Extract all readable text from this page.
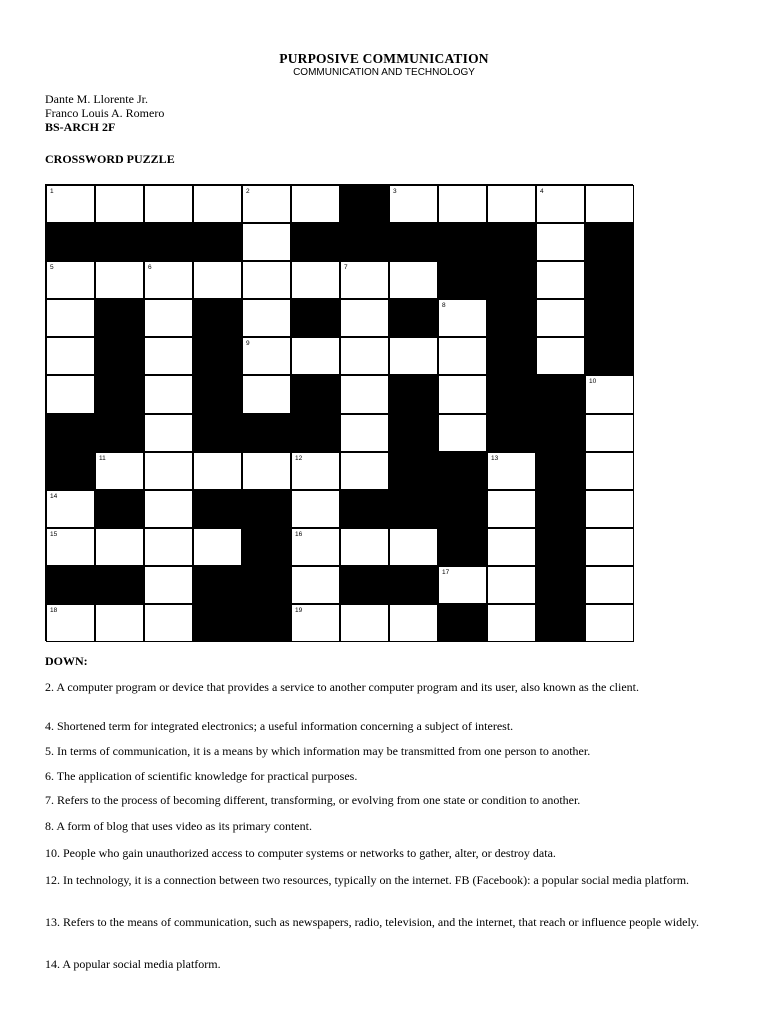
PURPOSIVE COMMUNICATION
COMMUNICATION AND TECHNOLOGY
Dante M. Llorente Jr.
Franco Louis A. Romero
BS-ARCH 2F
CROSSWORD PUZZLE
1	2	3	4
5	6	7
8
9
10
11	12	13
14
15	16
17
18	19
DOWN:
2. A computer program or device that provides a service to another computer program and its user, also known as the client.
4. Shortened term for integrated electronics; a useful information concerning a subject of interest.
5. In terms of communication, it is a means by which information may be transmitted from one person to another.
6. The application of scientific knowledge for practical purposes.
7. Refers to the process of becoming different, transforming, or evolving from one state or condition to another.
8. A form of blog that uses video as its primary content.
10. People who gain unauthorized access to computer systems or networks to gather, alter, or destroy data.
12. In technology, it is a connection between two resources, typically on the internet. FB (Facebook): a popular social media platform.
13. Refers to the means of communication, such as newspapers, radio, television, and the internet, that reach or influence people widely.
14. A popular social media platform.
